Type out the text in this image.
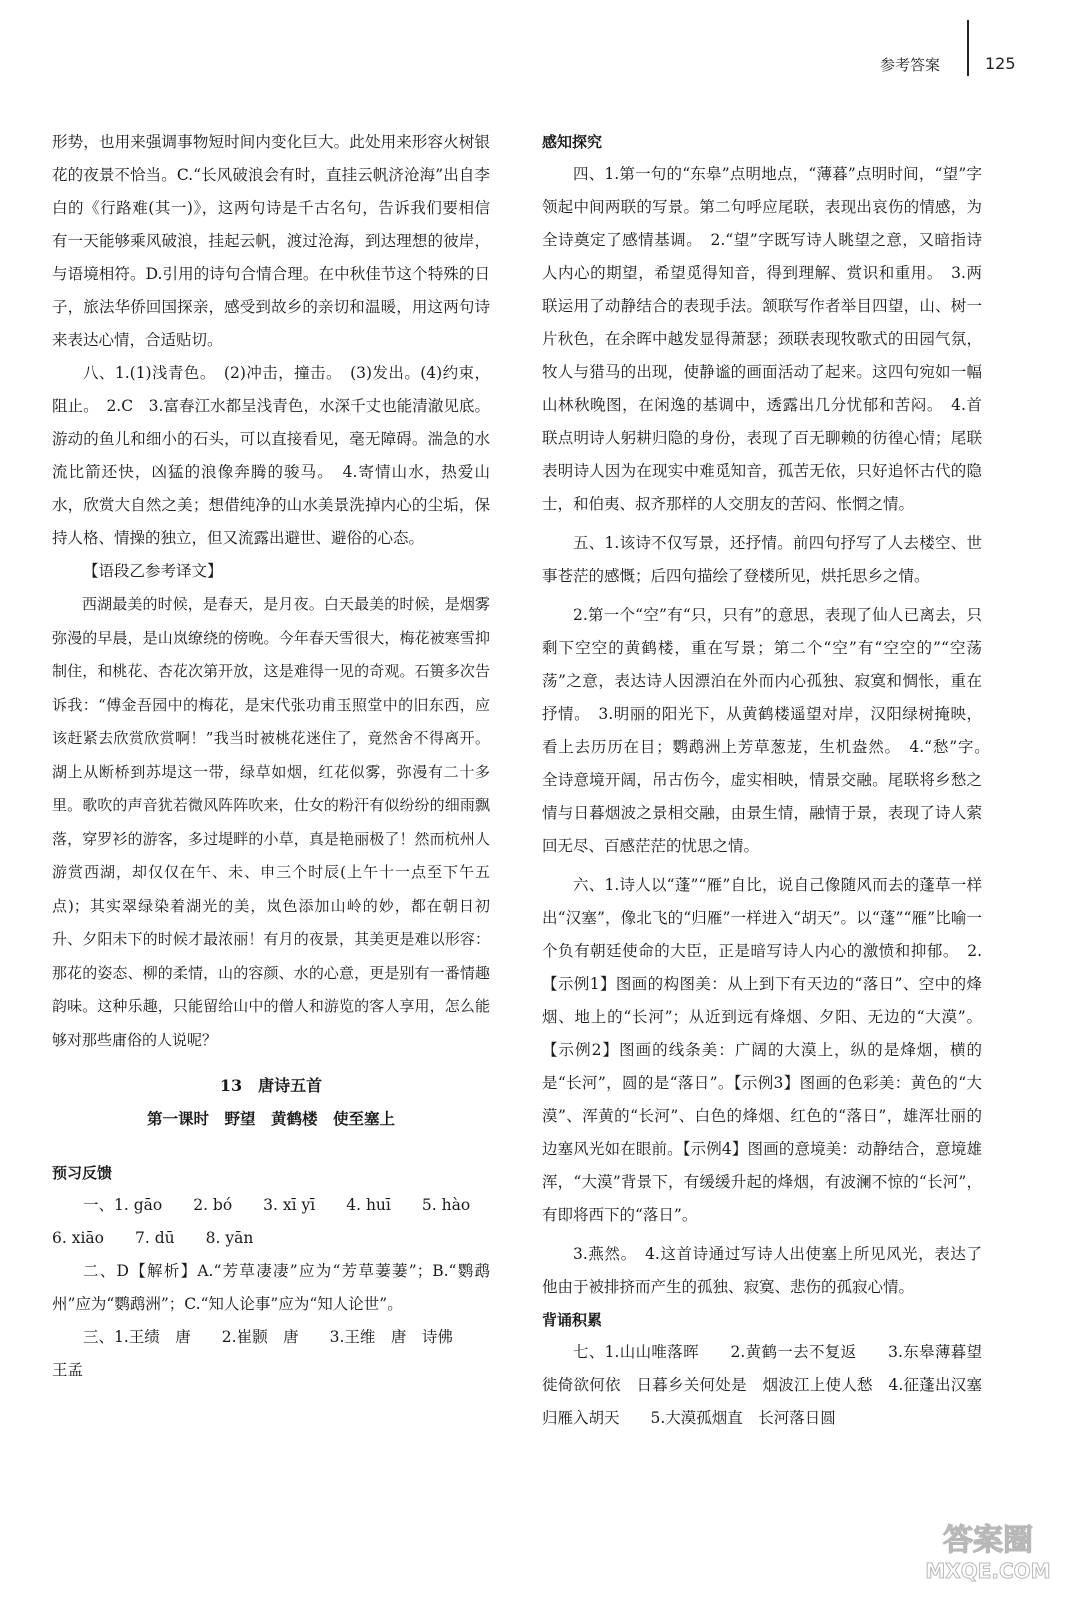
参考答案	125

形势，也用来强调事物短时间内变化巨大。此处用来形容火树银花的夜景不恰当。C.“长风破浪会有时，直挂云帆济沧海”出自李白的《行路难(其一)》，这两句诗是千古名句，告诉我们要相信有一天能够乘风破浪，挂起云帆，渡过沧海，到达理想的彼岸，与语境相符。D.引用的诗句合情合理。在中秋佳节这个特殊的日子，旅法华侨回国探亲，感受到故乡的亲切和温暖，用这两句诗来表达心情，合适贴切。

八、1.(1)浅青色。　(2)冲击，撞击。　(3)发出。(4)约束，阻止。　2.C　3.富春江水都呈浅青色，水深千丈也能清澈见底。游动的鱼儿和细小的石头，可以直接看见，毫无障碍。湍急的水流比箭还快，凶猛的浪像奔腾的骏马。　4.寄情山水，热爱山水，欣赏大自然之美；想借纯净的山水美景洗掉内心的尘垢，保持人格、情操的独立，但又流露出避世、避俗的心态。

【语段乙参考译文】

西湖最美的时候，是春天，是月夜。白天最美的时候，是烟雾弥漫的早晨，是山岚缭绕的傍晚。今年春天雪很大，梅花被寒雪抑制住，和桃花、杏花次第开放，这是难得一见的奇观。石篑多次告诉我：“傅金吾园中的梅花，是宋代张功甫玉照堂中的旧东西，应该赶紧去欣赏欣赏啊！”我当时被桃花迷住了，竟然舍不得离开。湖上从断桥到苏堤这一带，绿草如烟，红花似雾，弥漫有二十多里。歌吹的声音犹若微风阵阵吹来，仕女的粉汗有似纷纷的细雨飘落，穿罗衫的游客，多过堤畔的小草，真是艳丽极了！然而杭州人游赏西湖，却仅仅在午、未、申三个时辰(上午十一点至下午五点)；其实翠绿染着湖光的美，岚色添加山岭的妙，都在朝日初升、夕阳未下的时候才最浓丽！有月的夜景，其美更是难以形容：那花的姿态、柳的柔情，山的容颜、水的心意，更是别有一番情趣韵味。这种乐趣，只能留给山中的僧人和游览的客人享用，怎么能够对那些庸俗的人说呢？

13　唐诗五首

第一课时　野望　黄鹤楼　使至塞上

预习反馈

一、1. gāo　　2. bó　　3. xī yī　　4. huī　　5. hào

6. xiāo　　7. dū　　8. yān

二、D【解析】A.“芳草凄凄”应为“芳草萋萋”；B.“鹦鹉州”应为“鹦鹉洲”；C.“知人论事”应为“知人论世”。

三、1.王绩　唐　　2.崔颢　唐　　3.王维　唐　诗佛

王孟

感知探究

四、1.第一句的“东皋”点明地点，“薄暮”点明时间，“望”字领起中间两联的写景。第二句呼应尾联，表现出哀伤的情感，为全诗奠定了感情基调。　2.“望”字既写诗人眺望之意，又暗指诗人内心的期望，希望觅得知音，得到理解、赏识和重用。　3.两联运用了动静结合的表现手法。颔联写作者举目四望，山、树一片秋色，在余晖中越发显得萧瑟；颈联表现牧歌式的田园气氛，牧人与猎马的出现，使静谧的画面活动了起来。这四句宛如一幅山林秋晚图，在闲逸的基调中，透露出几分忧郁和苦闷。　4.首联点明诗人躬耕归隐的身份，表现了百无聊赖的彷徨心情；尾联表明诗人因为在现实中难觅知音，孤苦无依，只好追怀古代的隐士，和伯夷、叔齐那样的人交朋友的苦闷、怅惘之情。

五、1.该诗不仅写景，还抒情。前四句抒写了人去楼空、世事苍茫的感慨；后四句描绘了登楼所见，烘托思乡之情。

2.第一个“空”有“只，只有”的意思，表现了仙人已离去，只剩下空空的黄鹤楼，重在写景；第二个“空”有“空空的”“空荡荡”之意，表达诗人因漂泊在外而内心孤独、寂寞和惆怅，重在抒情。　3.明丽的阳光下，从黄鹤楼遥望对岸，汉阳绿树掩映，看上去历历在目；鹦鹉洲上芳草葱茏，生机盎然。　4.“愁”字。　全诗意境开阔，吊古伤今，虚实相映，情景交融。尾联将乡愁之情与日暮烟波之景相交融，由景生情，融情于景，表现了诗人萦回无尽、百感茫茫的忧思之情。

六、1.诗人以“蓬”“雁”自比，说自己像随风而去的蓬草一样出“汉塞”，像北飞的“归雁”一样进入“胡天”。以“蓬”“雁”比喻一个负有朝廷使命的大臣，正是暗写诗人内心的激愤和抑郁。　2.【示例1】图画的构图美：从上到下有天边的“落日”、空中的烽烟、地上的“长河”；从近到远有烽烟、夕阳、无边的“大漠”。【示例2】图画的线条美：广阔的大漠上，纵的是烽烟，横的是“长河”，圆的是“落日”。【示例3】图画的色彩美：黄色的“大漠”、浑黄的“长河”、白色的烽烟、红色的“落日”，雄浑壮丽的边塞风光如在眼前。【示例4】图画的意境美：动静结合，意境雄浑，“大漠”背景下，有缓缓升起的烽烟，有波澜不惊的“长河”，有即将西下的“落日”。

3.燕然。　4.这首诗通过写诗人出使塞上所见风光，表达了他由于被排挤而产生的孤独、寂寞、悲伤的孤寂心情。

背诵积累

七、1.山山唯落晖　　2.黄鹤一去不复返　　3.东皋薄暮望　徙倚欲何依　日暮乡关何处是　烟波江上使人愁　4.征蓬出汉塞　归雁入胡天　　5.大漠孤烟直　长河落日圆

答案圈
MXQE.COM
